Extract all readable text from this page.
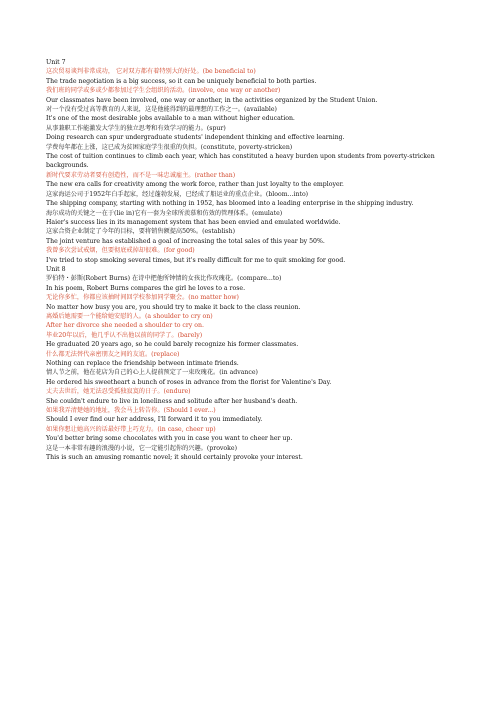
Unit 7

这次贸易谈判非常成功， 它对双方都有着特别大的好处。(be beneficial to)

The trade negotiation is a big success, so it can be uniquely beneficial to both parties.

我们班的同学或多或少都参加过学生会组织的活动。(involve, one way or another)

Our classmates have been involved, one way or another, in the activities organized by the Student Union.

对一个没有受过高等教育的人来说，这是他能得到的最理想的工作之一。(available)

It's one of the most desirable jobs available to a man without higher education.

从事兼职工作能激发大学生的独立思考和有效学习的能力。(spur)

Doing research can spur undergraduate students' independent thinking and effective learning.

学费每年都在上涨，这已成为贫困家庭学生很重的负担。(constitute, poverty-stricken)

The cost of tuition continues to climb each year, which has constituted a heavy burden upon students from poverty-stricken backgrounds.

新时代要求劳动者要有创造性，而不是一味忠诚雇主。(rather than)

The new era calls for creativity among the work force, rather than just loyalty to the employer.

这家海运公司于1952年白手起家，经过蓬勃发展，已经成了船运业的重点企业。(bloom...into)

The shipping company, starting with nothing in 1952, has bloomed into a leading enterprise in the shipping industry.

海尔成功的关键之一在于(lie in)它有一套为全球所羡慕和仿效的管理体系。(emulate)

Haier's success lies in its management system that has been envied and emulated worldwide.

这家合资企业制定了今年的目标，要将销售额提高50%。(establish)

The joint venture has established a goal of increasing the total sales of this year by 50%.

我曾多次尝试戒烟，但要彻底戒掉却很难。(for good)

I've tried to stop smoking several times, but it's really difficult for me to quit smoking for good.

Unit 8

罗伯特・彭斯(Robert Burns) 在诗中把他所钟情的女孩比作玫瑰花。(compare...to)

In his poem, Robert Burns compares the girl he loves to a rose.

无论你多忙，你都应该抽时间回学校参加同学聚会。(no matter how)

No matter how busy you are, you should try to make it back to the class reunion.

离婚后她需要一个能给她安慰的人。(a shoulder to cry on)

After her divorce she needed a shoulder to cry on.

毕业20年以后，他几乎认不出他以前的同学了。(barely)

He graduated 20 years ago, so he could barely recognize his former classmates.

什么都无法替代亲密朋友之间的友谊。(replace)

Nothing can replace the friendship between intimate friends.

情人节之前，他在花店为自己的心上人提前预定了一束玫瑰花。(in advance)

He ordered his sweetheart a bunch of roses in advance from the florist for Valentine's Day.

丈夫去世后，她无法忍受孤独寂寞的日子。(endure)

She couldn't endure to live in loneliness and solitude after her husband's death.

如果我弄清楚她的地址，我会马上转告你。(Should I ever...)

Should I ever find our her address, I'll forward it to you immediately.

如果你想让她高兴的话最好带上巧克力。(in case, cheer up)

You'd better bring some chocolates with you in case you want to cheer her up.

这是一本非常有趣的浪漫的小说，它一定能引起你的兴趣。(provoke)

This is such an amusing romantic novel; it should certainly provoke your interest.
